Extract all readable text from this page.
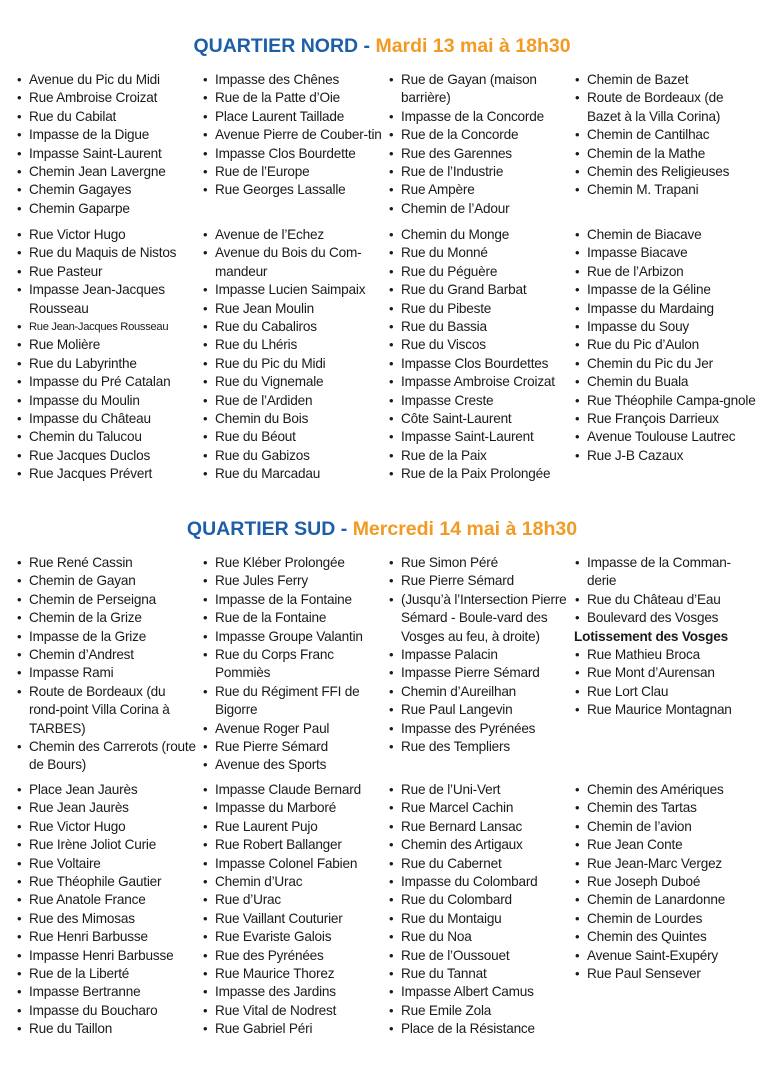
QUARTIER NORD - Mardi 13 mai à 18h30
• Avenue du Pic du Midi
• Rue Ambroise Croizat
• Rue du Cabilat
• Impasse de la Digue
• Impasse Saint-Laurent
• Chemin Jean Lavergne
• Chemin Gagayes
• Chemin Gaparpe
• Impasse des Chênes
• Rue de la Patte d’Oie
• Place Laurent Taillade
• Avenue Pierre de Couber-tin
• Impasse Clos Bourdette
• Rue de l’Europe
• Rue Georges Lassalle
• Rue de Gayan (maison barrière)
• Impasse de la Concorde
• Rue de la Concorde
• Rue des Garennes
• Rue de l’Industrie
• Rue Ampère
• Chemin de l’Adour
• Chemin de Bazet
• Route de Bordeaux (de Bazet à la Villa Corina)
• Chemin de Cantilhac
• Chemin de la Mathe
• Chemin des Religieuses
• Chemin M. Trapani
• Rue Victor Hugo
• Rue du Maquis de Nistos
• Rue Pasteur
• Impasse Jean-Jacques Rousseau
• Rue Jean-Jacques Rousseau
• Rue Molière
• Rue du Labyrinthe
• Impasse du Pré Catalan
• Impasse du Moulin
• Impasse du Château
• Chemin du Talucou
• Rue Jacques Duclos
• Rue Jacques Prévert
• Avenue de l’Echez
• Avenue du Bois du Com-mandeur
• Impasse Lucien Saimpaix
• Rue Jean Moulin
• Rue du Cabaliros
• Rue du Lhéris
• Rue du Pic du Midi
• Rue du Vignemale
• Rue de l’Ardiden
• Chemin du Bois
• Rue du Béout
• Rue du Gabizos
• Rue du Marcadau
• Chemin du Monge
• Rue du Monné
• Rue du Péguère
• Rue du Grand Barbat
• Rue du Pibeste
• Rue du Bassia
• Rue du Viscos
• Impasse Clos Bourdettes
• Impasse Ambroise Croizat
• Impasse Creste
• Côte Saint-Laurent
• Impasse Saint-Laurent
• Rue de la Paix
• Rue de la Paix Prolongée
• Chemin de Biacave
• Impasse Biacave
• Rue de l’Arbizon
• Impasse de la Géline
• Impasse du Mardaing
• Impasse du Souy
• Rue du Pic d’Aulon
• Chemin du Pic du Jer
• Chemin du Buala
• Rue Théophile Campa-gnole
• Rue François Darrieux
• Avenue Toulouse Lautrec
• Rue J-B Cazaux
QUARTIER SUD - Mercredi 14 mai à 18h30
• Rue René Cassin
• Chemin de Gayan
• Chemin de Perseigna
• Chemin de la Grize
• Impasse de la Grize
• Chemin d’Andrest
• Impasse Rami
• Route de Bordeaux (du rond-point Villa Corina à TARBES)
• Chemin des Carrerots (route de Bours)
• Rue Kléber Prolongée
• Rue Jules Ferry
• Impasse de la Fontaine
• Rue de la Fontaine
• Impasse Groupe Valantin
• Rue du Corps Franc Pommiès
• Rue du Régiment FFI de Bigorre
• Avenue Roger Paul
• Rue Pierre Sémard
• Avenue des Sports
• Rue Simon Péré
• Rue Pierre Sémard
• (Jusqu’à l’Intersection Pierre Sémard - Boule-vard des Vosges au feu, à droite)
• Impasse Palacin
• Impasse Pierre Sémard
• Chemin d’Aureilhan
• Rue Paul Langevin
• Impasse des Pyrénées
• Rue des Templiers
• Impasse de la Comman-derie
• Rue du Château d’Eau
• Boulevard des Vosges
Lotissement des Vosges
• Rue Mathieu Broca
• Rue Mont d’Aurensan
• Rue Lort Clau
• Rue Maurice Montagnan
• Place Jean Jaurès
• Rue Jean Jaurès
• Rue Victor Hugo
• Rue Irène Joliot Curie
• Rue Voltaire
• Rue Théophile Gautier
• Rue Anatole France
• Rue des Mimosas
• Rue Henri Barbusse
• Impasse Henri Barbusse
• Rue de la Liberté
• Impasse Bertranne
• Impasse du Boucharo
• Rue du Taillon
• Impasse Claude Bernard
• Impasse du Marboré
• Rue Laurent Pujo
• Rue Robert Ballanger
• Impasse Colonel Fabien
• Chemin d’Urac
• Rue d’Urac
• Rue Vaillant Couturier
• Rue Evariste Galois
• Rue des Pyrénées
• Rue Maurice Thorez
• Impasse des Jardins
• Rue Vital de Nodrest
• Rue Gabriel Péri
• Rue de l’Uni-Vert
• Rue Marcel Cachin
• Rue Bernard Lansac
• Chemin des Artigaux
• Rue du Cabernet
• Impasse du Colombard
• Rue du Colombard
• Rue du Montaigu
• Rue du Noa
• Rue de l’Oussouet
• Rue du Tannat
• Impasse Albert Camus
• Rue Emile Zola
• Place de la Résistance
• Chemin des Amériques
• Chemin des Tartas
• Chemin de l’avion
• Rue Jean Conte
• Rue Jean-Marc Vergez
• Rue Joseph Duboé
• Chemin de Lanardonne
• Chemin de Lourdes
• Chemin des Quintes
• Avenue Saint-Exupéry
• Rue Paul Sensever
